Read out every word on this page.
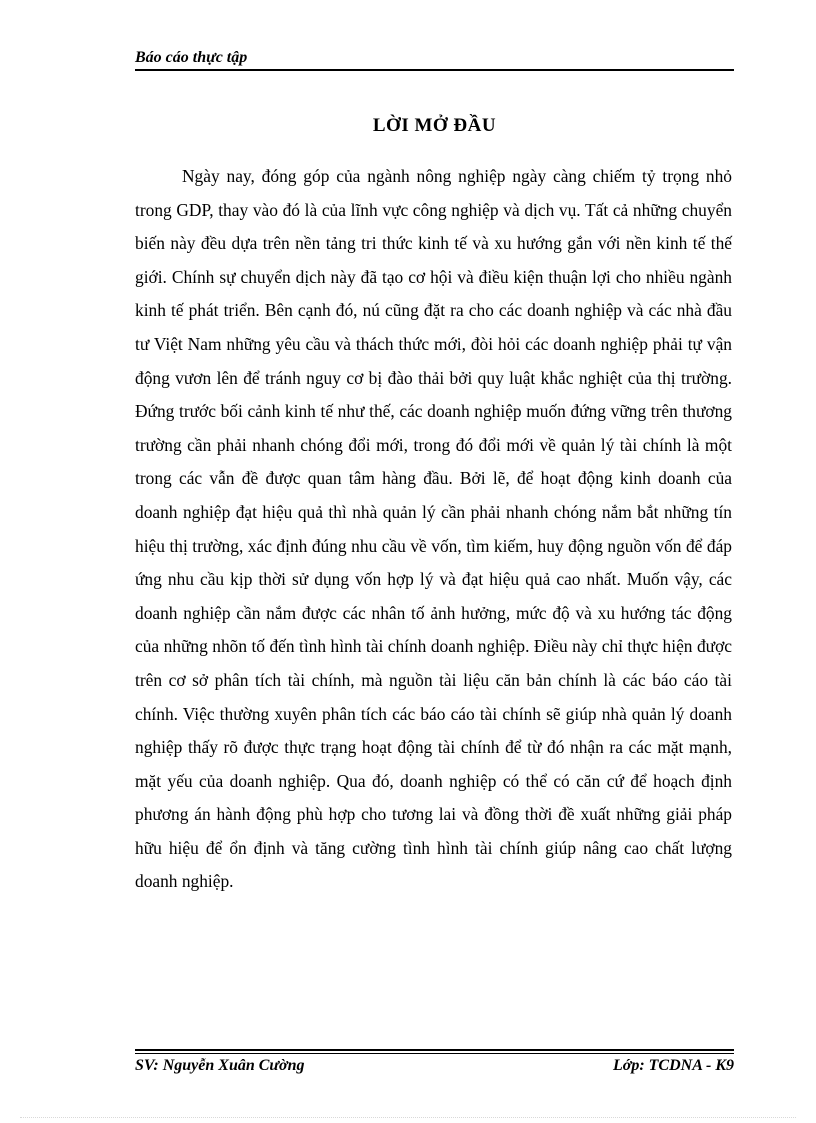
Báo cáo thực tập
LỜI MỞ ĐẦU

Ngày nay, đóng góp của ngành nông nghiệp ngày càng chiếm tỷ trọng nhỏ trong GDP, thay vào đó là của lĩnh vực công nghiệp và dịch vụ. Tất cả những chuyển biến này đều dựa trên nền tảng tri thức kinh tế và xu hướng gắn với nền kinh tế thế giới. Chính sự chuyển dịch này đã tạo cơ hội và điều kiện thuận lợi cho nhiều ngành kinh tế phát triển. Bên cạnh đó, nú cũng đặt ra cho các doanh nghiệp và các nhà đầu tư Việt Nam những yêu cầu và thách thức mới, đòi hỏi các doanh nghiệp phải tự vận động vươn lên để tránh nguy cơ bị đào thải bởi quy luật khắc nghiệt của thị trường. Đứng trước bối cảnh kinh tế như thế, các doanh nghiệp muốn đứng vững trên thương trường cần phải nhanh chóng đổi mới, trong đó đổi mới về quản lý tài chính là một trong các vẫn đề được quan tâm hàng đầu. Bởi lẽ, để hoạt động kinh doanh của doanh nghiệp đạt hiệu quả thì nhà quản lý cần phải nhanh chóng nắm bắt những tín hiệu thị trường, xác định đúng nhu cầu về vốn, tìm kiếm, huy động nguồn vốn để đáp ứng nhu cầu kịp thời sử dụng vốn hợp lý và đạt hiệu quả cao nhất. Muốn vậy, các doanh nghiệp cần nắm được các nhân tố ảnh hưởng, mức độ và xu hướng tác động của những nhõn tố đến tình hình tài chính doanh nghiệp. Điều này chỉ thực hiện được trên cơ sở phân tích tài chính, mà nguồn tài liệu căn bản chính là các báo cáo tài chính. Việc thường xuyên phân tích các báo cáo tài chính sẽ giúp nhà quản lý doanh nghiệp thấy rõ được thực trạng hoạt động tài chính để từ đó nhận ra các mặt mạnh, mặt yếu của doanh nghiệp. Qua đó, doanh nghiệp có thể có căn cứ để hoạch định phương án hành động phù hợp cho tương lai và đồng thời đề xuất những giải pháp hữu hiệu để ổn định và tăng cường tình hình tài chính giúp nâng cao chất lượng doanh nghiệp.

SV: Nguyễn Xuân Cường	Lớp: TCDNA - K9
